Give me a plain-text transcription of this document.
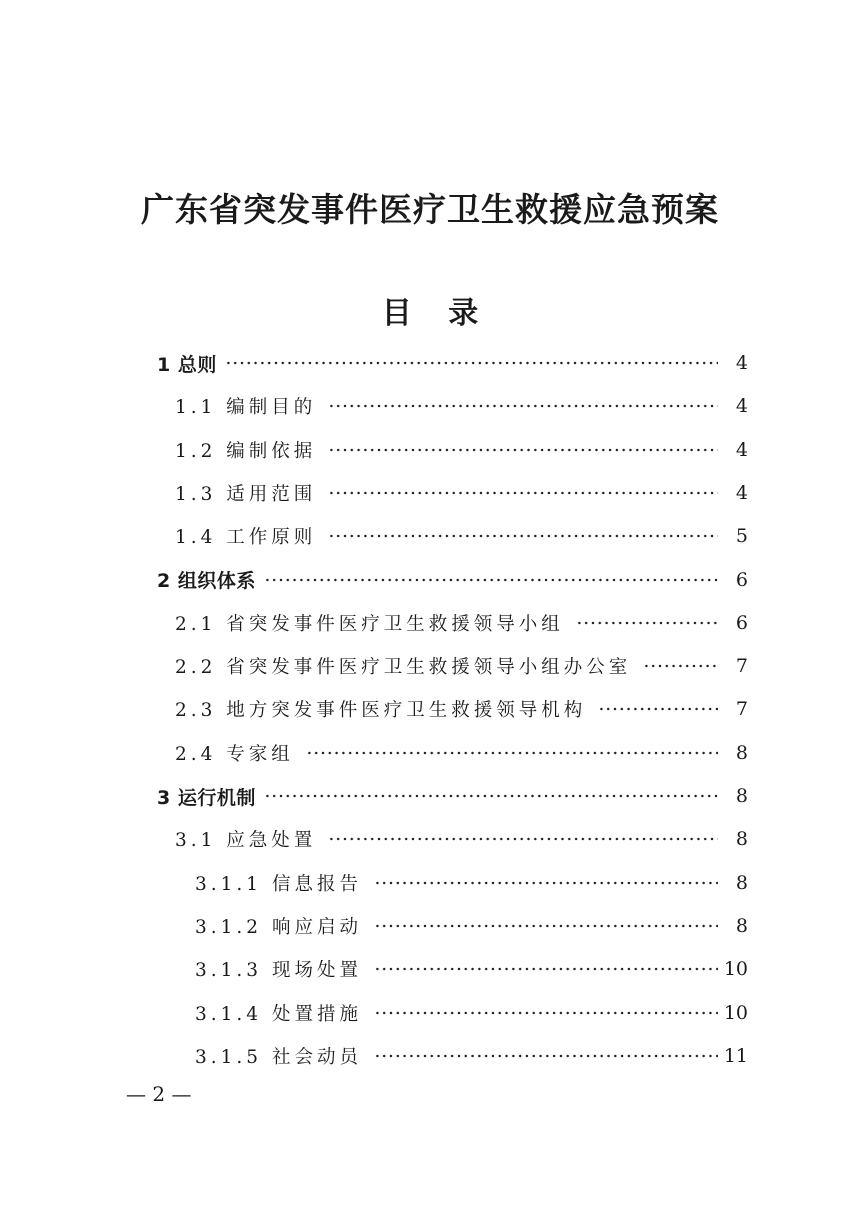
广东省突发事件医疗卫生救援应急预案
目 录
1 总则	4
1.1 编制目的	4
1.2 编制依据	4
1.3 适用范围	4
1.4 工作原则	5
2 组织体系	6
2.1 省突发事件医疗卫生救援领导小组	6
2.2 省突发事件医疗卫生救援领导小组办公室	7
2.3 地方突发事件医疗卫生救援领导机构	7
2.4 专家组	8
3 运行机制	8
3.1 应急处置	8
3.1.1 信息报告	8
3.1.2 响应启动	8
3.1.3 现场处置	10
3.1.4 处置措施	10
3.1.5 社会动员	11

— 2 —
